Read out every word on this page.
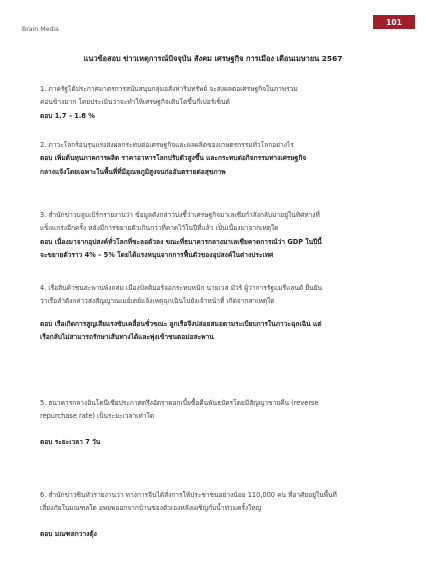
Brain Media
101
แนวข้อสอบ ข่าวเหตุการณ์ปัจจุบัน สังคม เศรษฐกิจ การเมือง เดือนเมษายน 2567
1. ภาครัฐได้ประกาศมาตรการสนับสนุนกลุ่มอสังหาริมทรัพย์ จะส่งผลต่อเศรษฐกิจในภาพรวม
ค่อนข้างมาก โดยประเมินว่าจะทำให้เศรษฐกิจเติบโตขึ้นกี่เปอร์เซ็นต์
ตอบ 1.7 – 1.8 %
2. ภาวะโลกร้อนรุนแรงส่งผลกระทบต่อเศรษฐกิจและผลผลิตของเกษตรกรรมทั่วโลกอย่างไร
ตอบ เพิ่มต้นทุนภาคการผลิต ราคาอาหารโลกปรับตัวสูงขึ้น และกระทบต่อกิจกรรมทางเศรษฐกิจ
กลางแจ้งโดยเฉพาะในพื้นที่ที่มีอุณหภูมิสูงจนก่ออันตรายต่อสุขภาพ
3. สำนักข่าวบลูมเบิร์กรายงานว่า ข้อมูลดังกล่าวบ่งชี้ว่าเศรษฐกิจมาเลเซียกำลังกลับมาอยู่ในทิศทางที่
แข็งแกร่งอีกครั้ง หลังมีการขยายตัวเกินกว่าที่คาดไว้ในปีที่แล้ว เป็นเนื่องมาจากเหตุใด
ตอบ เนื่องมาจากอุปสงค์ทั่วโลกที่ชะลอตัวลง ขณะที่ธนาคารกลางมาเลเซียคาดการณ์ว่า GDP ในปีนี้
จะขยายตัวราว 4% – 5% โดยได้แรงหนุนจากการฟื้นตัวของอุปสงค์ในต่างประเทศ
4. เรือสินค้าชนสะพานพังถล่ม เมืองบัลติมอร์จอกระทบหนัก นายเวส มัวร์ ผู้ว่าการรัฐแมรีแลนด์ ยืนยัน
ว่าเรือลำดังกล่าวส่งสัญญาณเมย์เดย์แจ้งเหตุฉุกเฉินไปยังเจ้าหน้าที่ เกิดจากสาเหตุใด
ตอบ เรือเกิดการสูญเสียแรงขับเคลื่อนชั่วขณะ ลูกเรือจึงปล่อยสมอตามระเบียบการในภาวะฉุกเฉิน แต่
เรือกลับไม่สามารถรักษาเส้นทางได้และพุ่งเข้าชนตอม่อสะพาน
5. ธนาคารกลางอินโดนีเซียประกาศตรึงอัตราดอกเบี้ยซื้อคืนพันธบัตรโดยมีสัญญาขายคืน (reverse
repurchase rate) เป็นระยะเวลาเท่าใด
ตอบ ระยะเวลา 7 วัน
6. สำนักข่าวซินหัวรายงานว่า ทางการจีนได้สั่งการให้ประชาชนอย่างน้อย 110,000 คน ที่อาศัยอยู่ในพื้นที่
เสี่ยงภัยในมณฑลใด อพยพออกจากบ้านของตัวเองหลังเผชิญกับน้ำท่วมครั้งใหญ่
ตอบ มณฑลกวางตุ้ง
